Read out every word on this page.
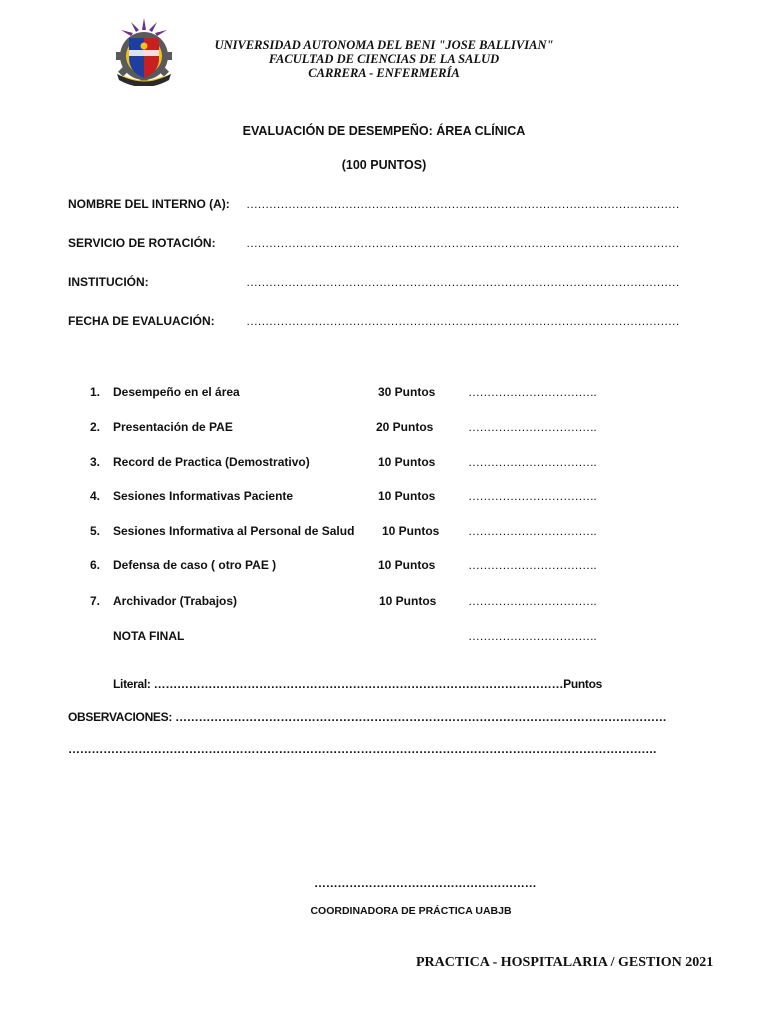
UNIVERSIDAD AUTONOMA DEL BENI "JOSE BALLIVIAN"
FACULTAD DE CIENCIAS DE LA SALUD
CARRERA - ENFERMERÍA
EVALUACIÓN DE DESEMPEÑO: ÁREA CLÍNICA
(100 PUNTOS)
NOMBRE DEL INTERNO (A): ……………………………………………………………………………………………………
SERVICIO DE ROTACIÓN:	……………………………………………………………………………………………………
INSTITUCIÓN:	……………………………………………………………………………………………………
FECHA DE EVALUACIÓN:	……………………………………………………………………………………………………
1. Desempeño en el área	30 Puntos	…………………………….
2. Presentación de PAE	20 Puntos	…………………………….
3. Record de Practica (Demostrativo)	10 Puntos	…………………………….
4. Sesiones Informativas Paciente	10 Puntos	…………………………….
5. Sesiones Informativa al Personal de Salud 10 Puntos …………………………….
6. Defensa de caso ( otro PAE )	10 Puntos	…………………………….
7. Archivador (Trabajos)	10 Puntos	…………………………….
NOTA FINAL	…………………………….
Literal: ……………………………………………………………………………………………Puntos
OBSERVACIONES: ………………………………………………………………………………………………………………
…………………………………………………………………………………………………………………………………….
…………………………………………………
COORDINADORA DE PRÁCTICA UABJB
PRACTICA - HOSPITALARIA / GESTION 2021
